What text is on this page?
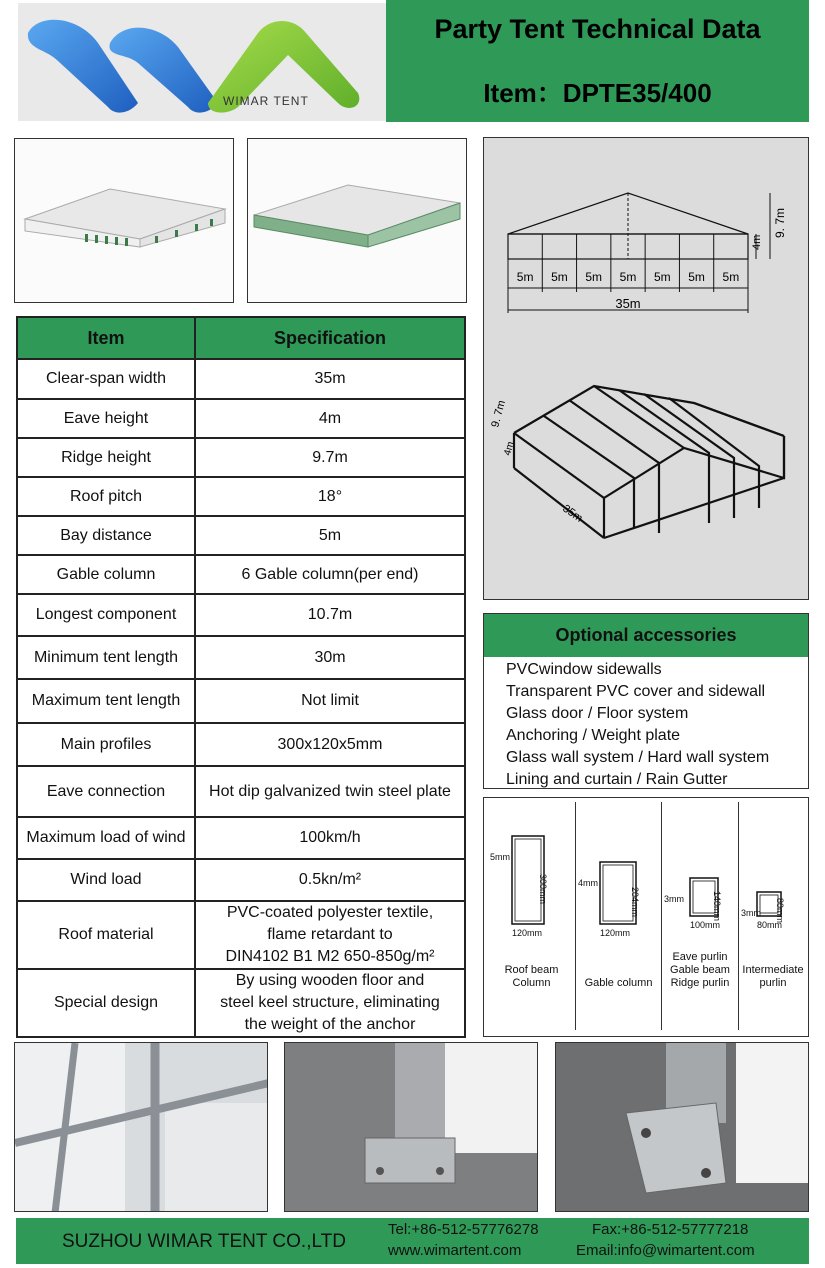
WIMAR TENT
Party Tent Technical Data
Item：DPTE35/400
Item	Specification
Clear-span width	35m
Eave height	4m
Ridge height	9.7m
Roof pitch	18°
Bay distance	5m
Gable column	6 Gable column(per end)
Longest component	10.7m
Minimum tent length	30m
Maximum tent length	Not limit
Main profiles	300x120x5mm
Eave connection	Hot dip galvanized twin steel plate
Maximum load of wind	100km/h
Wind load	0.5kn/m²
Roof material	PVC-coated polyester textile,
flame retardant to
DIN4102 B1 M2 650-850g/m²
Special design	By using wooden floor and
steel keel structure, eliminating
the weight of the anchor
5m 5m 5m 5m 5m 5m 5m
35m
4m
9. 7m
9. 7m
4m
35m
Optional accessories
PVCwindow sidewalls
Transparent PVC cover and sidewall
Glass door / Floor system
Anchoring / Weight plate
Glass wall system / Hard wall system
Lining and curtain / Rain Gutter
300mm
120mm
5mm
Roof beam
Column
204mm
120mm
4mm
Gable column
140mm
100mm
3mm
Eave purlin
Gable beam
Ridge purlin
80mm
80mm
3mm
Intermediate
purlin
SUZHOU WIMAR TENT CO.,LTD
Tel:+86-512-57776278
www.wimartent.com
Fax:+86-512-57777218
Email:info@wimartent.com
